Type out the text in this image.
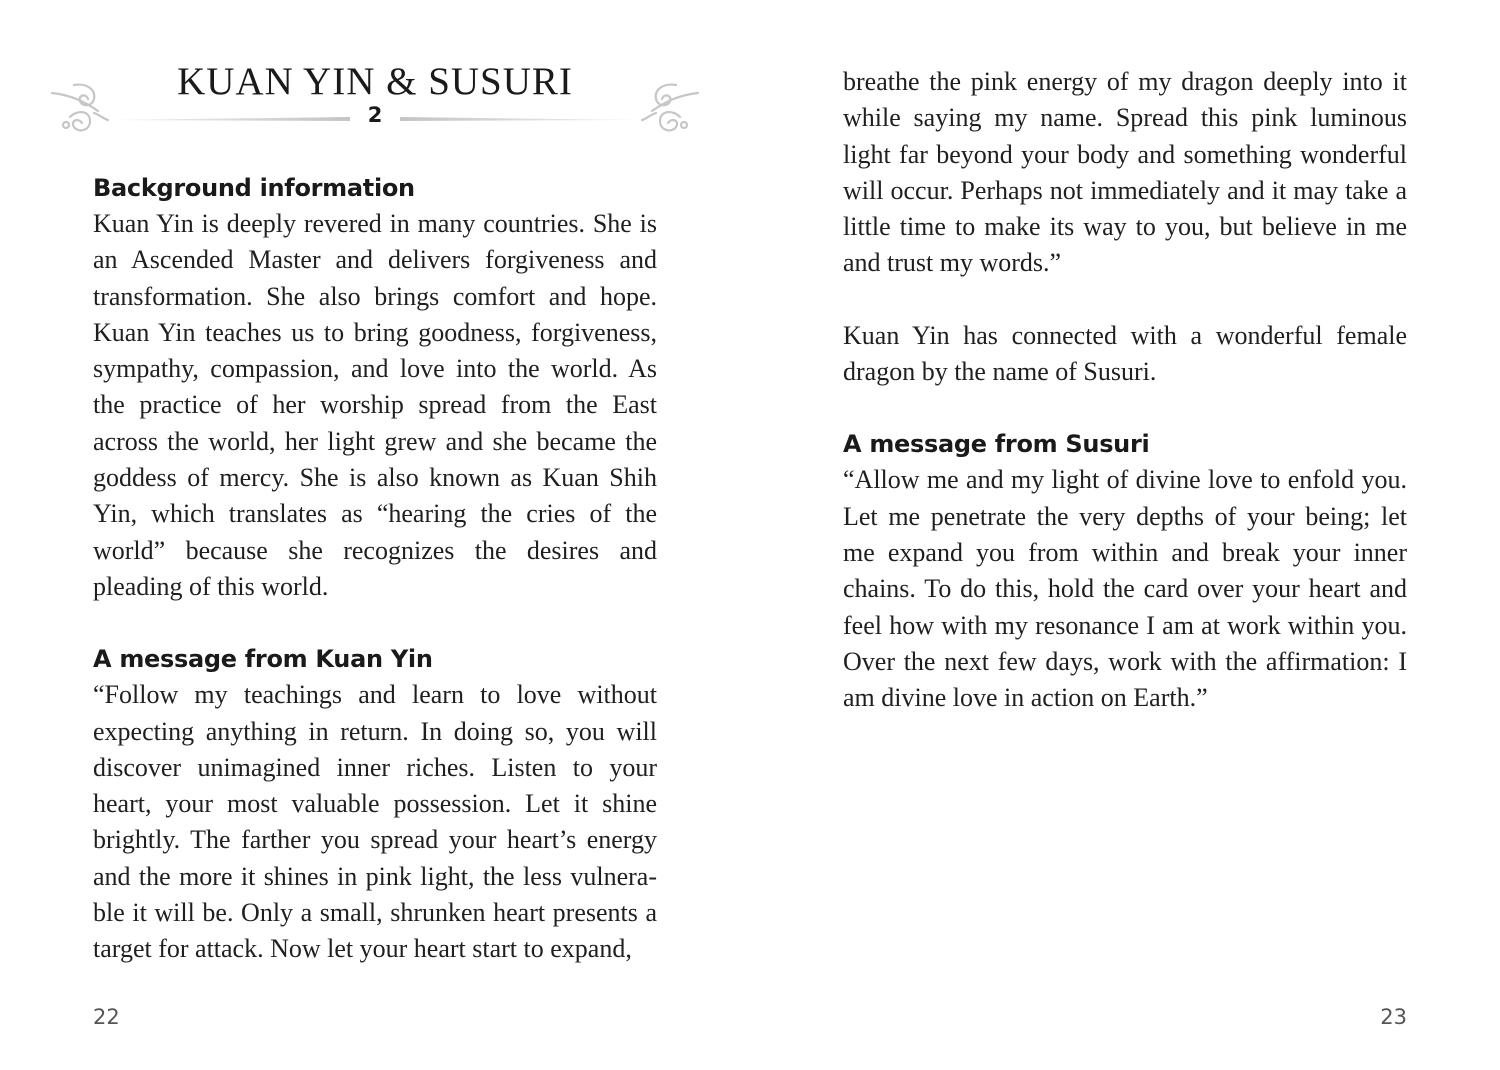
KUAN YIN & SUSURI
2
Background information

Kuan Yin is deeply revered in many countries. She is an Ascended Master and delivers forgiveness and transformation. She also brings comfort and hope. Kuan Yin teaches us to bring goodness, forgiveness, sympathy, compassion, and love into the world. As the practice of her worship spread from the East across the world, her light grew and she became the goddess of mercy. She is also known as Kuan Shih Yin, which translates as “hearing the cries of the world” because she recognizes the desires and pleading of this world.

A message from Kuan Yin

“Follow my teachings and learn to love without expecting anything in return. In doing so, you will discover unimagined inner riches. Listen to your heart, your most valuable possession. Let it shine brightly. The farther you spread your heart’s energy and the more it shines in pink light, the less vulnerable it will be. Only a small, shrunken heart presents a target for attack. Now let your heart start to expand,

22

breathe the pink energy of my dragon deeply into it while saying my name. Spread this pink luminous light far beyond your body and something wonderful will occur. Perhaps not immediately and it may take a little time to make its way to you, but believe in me and trust my words.”

Kuan Yin has connected with a wonderful female dragon by the name of Susuri.

A message from Susuri

“Allow me and my light of divine love to enfold you. Let me penetrate the very depths of your being; let me expand you from within and break your inner chains. To do this, hold the card over your heart and feel how with my resonance I am at work within you. Over the next few days, work with the affirmation: I am divine love in action on Earth.”

23
